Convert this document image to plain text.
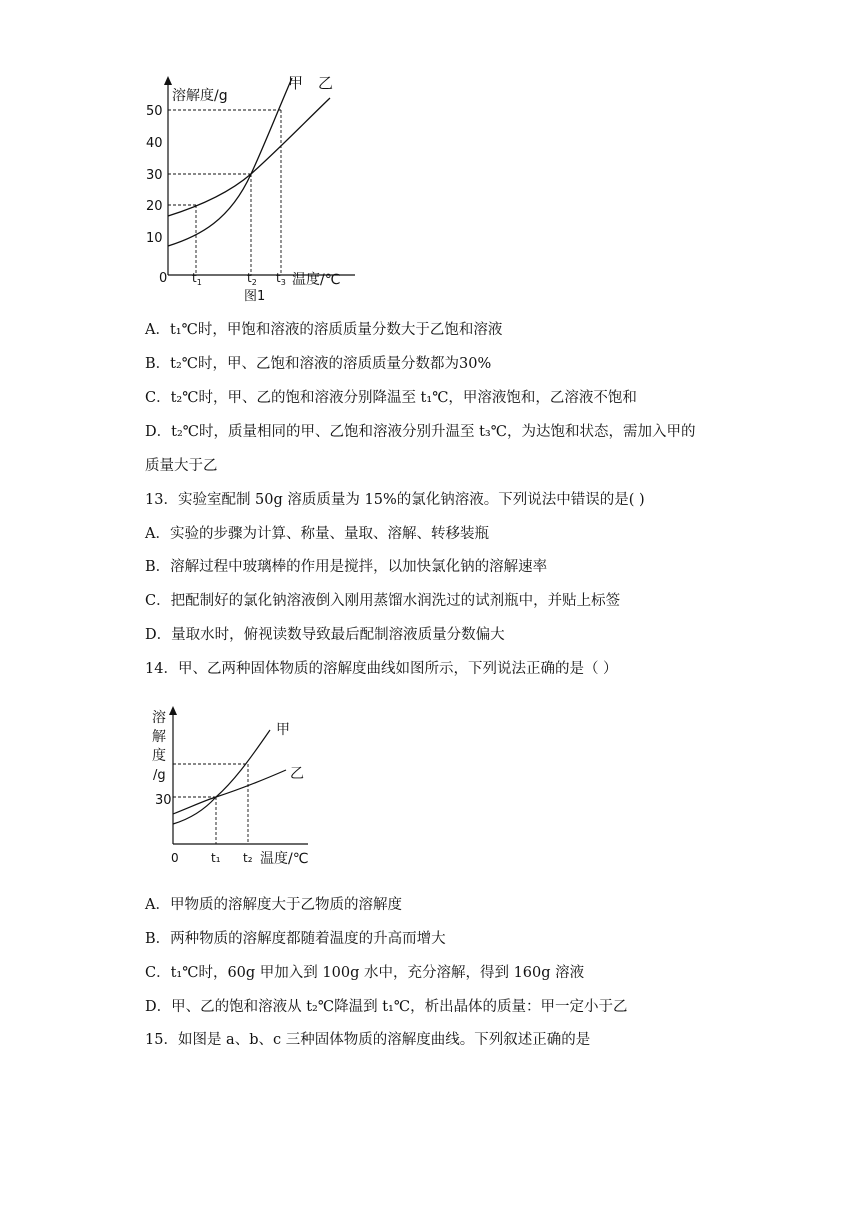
溶解度/g
甲 乙
50
40
30
20
10
0 $t_1$	$t_2$ $t_3$ 温度/℃
图1
A．t₁℃时，甲饱和溶液的溶质质量分数大于乙饱和溶液
B．t₂℃时，甲、乙饱和溶液的溶质质量分数都为30%
C．t₂℃时，甲、乙的饱和溶液分别降温至 t₁℃，甲溶液饱和，乙溶液不饱和
D．t₂℃时，质量相同的甲、乙饱和溶液分别升温至 t₃℃，为达饱和状态，需加入甲的
质量大于乙
13．实验室配制 50g 溶质质量为 15%的氯化钠溶液。下列说法中错误的是( )
A．实验的步骤为计算、称量、量取、溶解、转移装瓶
B．溶解过程中玻璃棒的作用是搅拌，以加快氯化钠的溶解速率
C．把配制好的氯化钠溶液倒入刚用蒸馏水润洗过的试剂瓶中，并贴上标签
D．量取水时，俯视读数导致最后配制溶液质量分数偏大
14．甲、乙两种固体物质的溶解度曲线如图所示，下列说法正确的是（ ）
溶
解
度
/g
30
甲
乙
0	t₁ t₂ 温度/℃
A．甲物质的溶解度大于乙物质的溶解度
B．两种物质的溶解度都随着温度的升高而增大
C．t₁℃时，60g 甲加入到 100g 水中，充分溶解，得到 160g 溶液
D．甲、乙的饱和溶液从 t₂℃降温到 t₁℃，析出晶体的质量：甲一定小于乙
15．如图是 a、b、c 三种固体物质的溶解度曲线。下列叙述正确的是
